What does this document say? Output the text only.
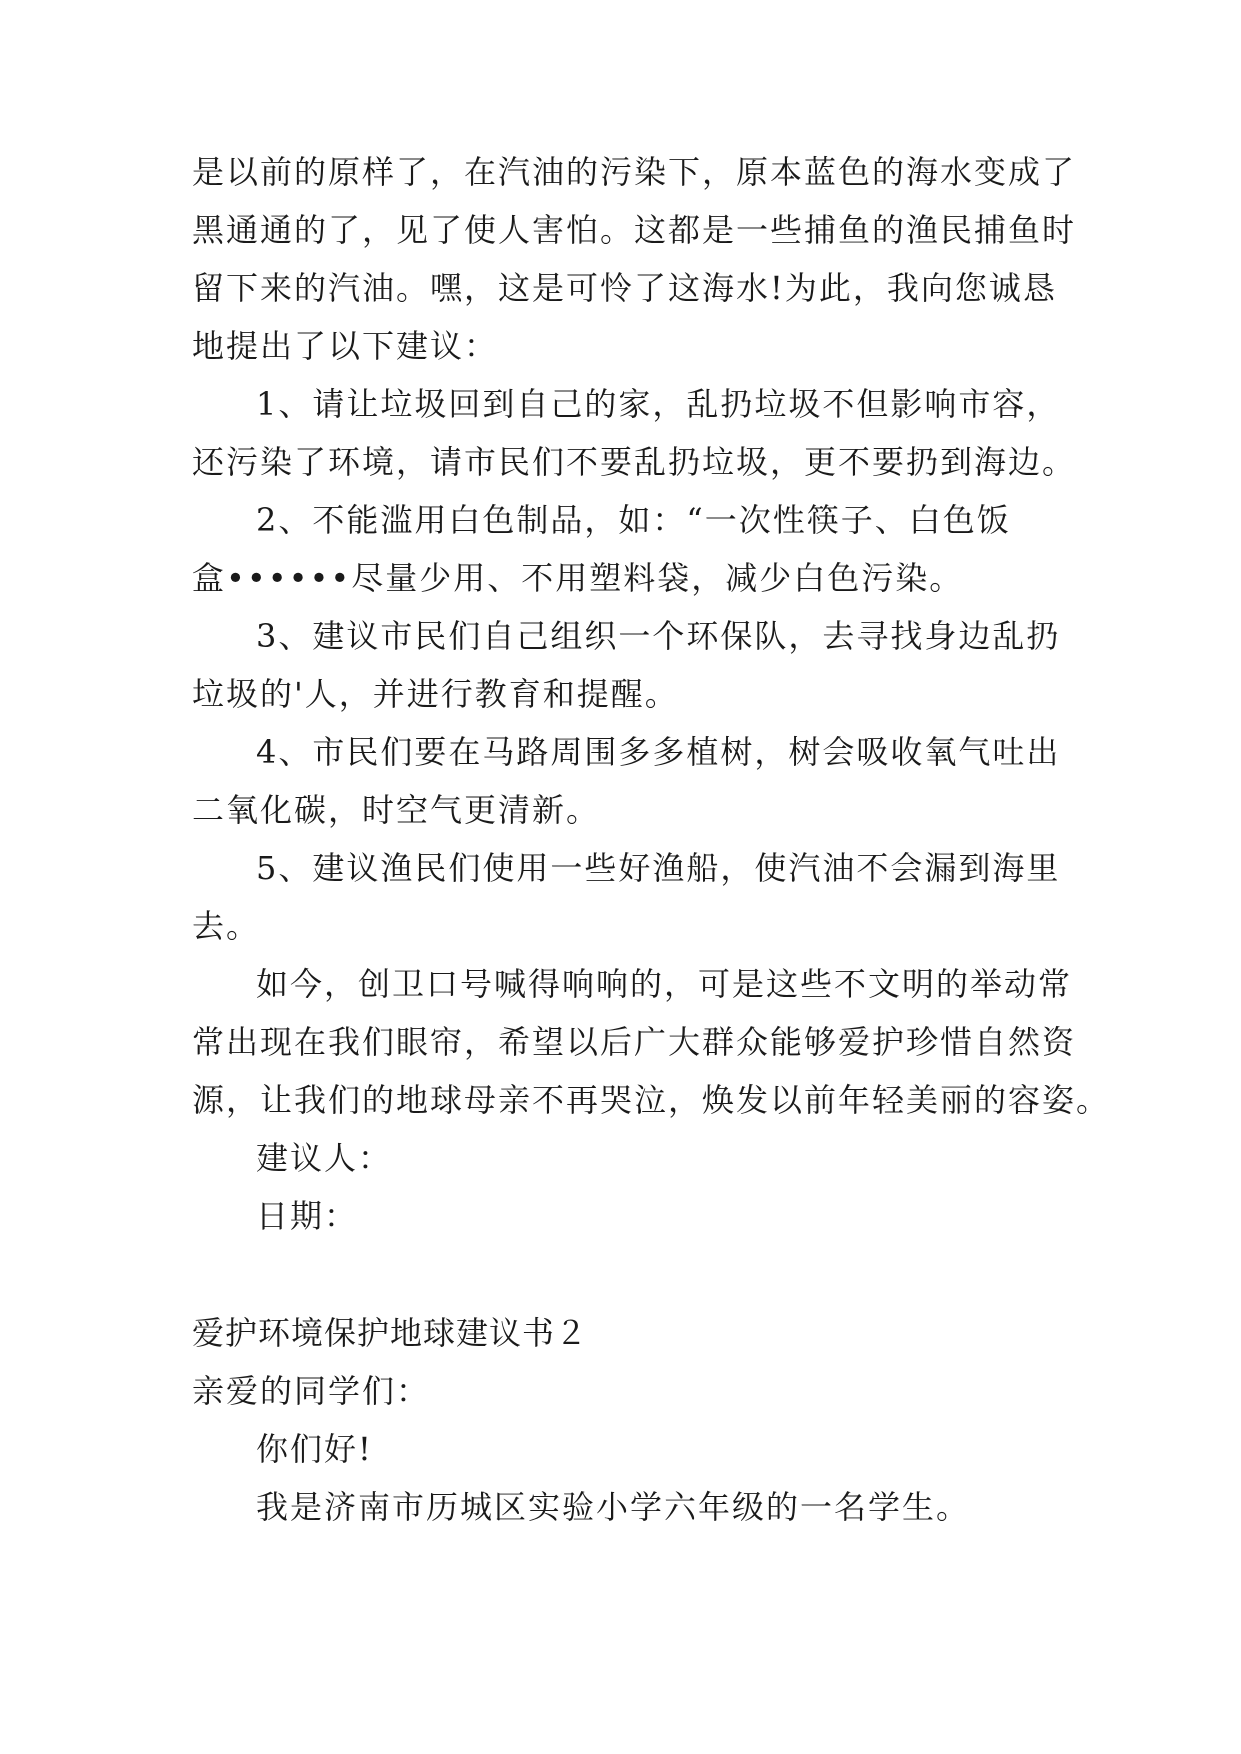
是以前的原样了，在汽油的污染下，原本蓝色的海水变成了
黑通通的了，见了使人害怕。这都是一些捕鱼的渔民捕鱼时
留下来的汽油。嘿，这是可怜了这海水!为此，我向您诚恳
地提出了以下建议：
1、请让垃圾回到自己的家，乱扔垃圾不但影响市容，
还污染了环境，请市民们不要乱扔垃圾，更不要扔到海边。
2、不能滥用白色制品，如：“一次性筷子、白色饭
盒••••••尽量少用、不用塑料袋，减少白色污染。
3、建议市民们自己组织一个环保队，去寻找身边乱扔
垃圾的'人，并进行教育和提醒。
4、市民们要在马路周围多多植树，树会吸收氧气吐出
二氧化碳，时空气更清新。
5、建议渔民们使用一些好渔船，使汽油不会漏到海里
去。
如今，创卫口号喊得响响的，可是这些不文明的举动常
常出现在我们眼帘，希望以后广大群众能够爱护珍惜自然资
源，让我们的地球母亲不再哭泣，焕发以前年轻美丽的容姿。
建议人：
日期：
爱护环境保护地球建议书２
亲爱的同学们：
你们好!
我是济南市历城区实验小学六年级的一名学生。
